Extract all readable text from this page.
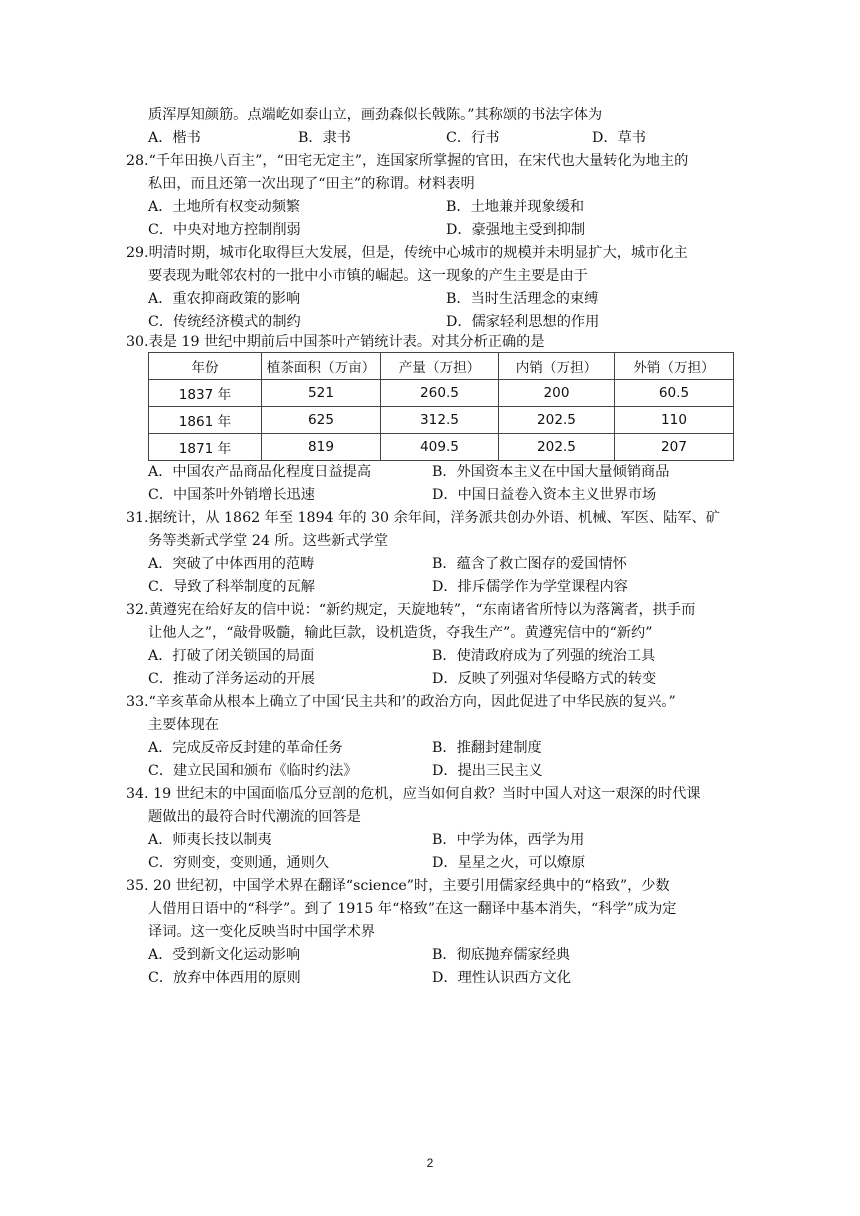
质浑厚知颜筋。点端屹如泰山立，画劲森似长戟陈。”其称颂的书法字体为
A．楷书	B．隶书	C．行书	D．草书
28.“千年田换八百主”，“田宅无定主”，连国家所掌握的官田，在宋代也大量转化为地主的
私田，而且还第一次出现了“田主”的称谓。材料表明
A．土地所有权变动频繁	B．土地兼并现象缓和
C．中央对地方控制削弱	D．豪强地主受到抑制
29.明清时期，城市化取得巨大发展，但是，传统中心城市的规模并未明显扩大，城市化主
要表现为毗邻农村的一批中小市镇的崛起。这一现象的产生主要是由于
A．重农抑商政策的影响	B．当时生活理念的束缚
C．传统经济模式的制约	D．儒家轻利思想的作用
30.表是 19 世纪中期前后中国茶叶产销统计表。对其分析正确的是
年份	植茶面积（万亩）	产量（万担）	内销（万担）	外销（万担）
1837 年	521	260.5	200	60.5
1861 年	625	312.5	202.5	110
1871 年	819	409.5	202.5	207
A．中国农产品商品化程度日益提高	B．外国资本主义在中国大量倾销商品
C．中国茶叶外销增长迅速	D．中国日益卷入资本主义世界市场
31.据统计，从 1862 年至 1894 年的 30 余年间，洋务派共创办外语、机械、军医、陆军、矿
务等类新式学堂 24 所。这些新式学堂
A．突破了中体西用的范畴	B．蕴含了救亡图存的爱国情怀
C．导致了科举制度的瓦解	D．排斥儒学作为学堂课程内容
32.黄遵宪在给好友的信中说：“新约规定，天旋地转”，“东南诸省所恃以为落篱者，拱手而
让他人之”，“敲骨吸髓，输此巨款，设机造货，夺我生产”。黄遵宪信中的“新约”
A．打破了闭关锁国的局面	B．使清政府成为了列强的统治工具
C．推动了洋务运动的开展	D．反映了列强对华侵略方式的转变
33.“辛亥革命从根本上确立了中国‘民主共和’的政治方向，因此促进了中华民族的复兴。”
主要体现在
A．完成反帝反封建的革命任务	B．推翻封建制度
C．建立民国和颁布《临时约法》	D．提出三民主义
34. 19 世纪末的中国面临瓜分豆剖的危机，应当如何自救？当时中国人对这一艰深的时代课
题做出的最符合时代潮流的回答是
A．师夷长技以制夷	B．中学为体，西学为用
C．穷则变，变则通，通则久	D．星星之火，可以燎原
35. 20 世纪初，中国学术界在翻译“science”时，主要引用儒家经典中的“格致”，少数
人借用日语中的“科学”。到了 1915 年“格致”在这一翻译中基本消失，“科学”成为定
译词。这一变化反映当时中国学术界
A．受到新文化运动影响	B．彻底抛弃儒家经典
C．放弃中体西用的原则	D．理性认识西方文化
2
